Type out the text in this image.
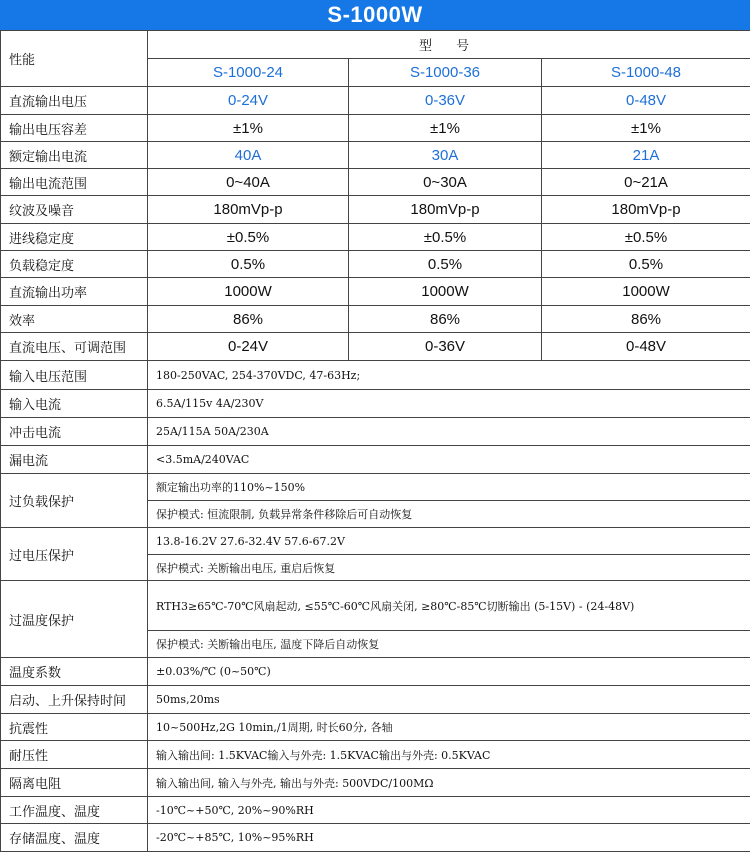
S-1000W
性能	型 号		
	S-1000-24	S-1000-36	S-1000-48
直流输出电压	0-24V	0-36V	0-48V
输出电压容差	±1%	±1%	±1%
额定输出电流	40A	30A	21A
输出电流范围	0~40A	0~30A	0~21A
纹波及噪音	180mVp-p	180mVp-p	180mVp-p
进线稳定度	±0.5%	±0.5%	±0.5%
负载稳定度	0.5%	0.5%	0.5%
直流输出功率	1000W	1000W	1000W
效率	86%	86%	86%
直流电压、可调范围	0-24V	0-36V	0-48V
输入电压范围	180-250VAC, 254-370VDC, 47-63Hz;		
输入电流	6.5A/115v 4A/230V		
冲击电流	25A/115A 50A/230A		
漏电流	<3.5mA/240VAC		
过负载保护	额定输出功率的110%~150%		
	保护模式: 恒流限制, 负载异常条件移除后可自动恢复		
过电压保护	13.8-16.2V 27.6-32.4V 57.6-67.2V		
	保护模式: 关断输出电压, 重启后恢复		
过温度保护	RTH3≥65℃-70℃风扇起动, ≤55℃-60℃风扇关闭, ≥80℃-85℃切断输出 (5-15V) - (24-48V)		
	保护模式: 关断输出电压, 温度下降后自动恢复		
温度系数	±0.03%/℃ (0~50℃)		
启动、上升保持时间	50ms,20ms		
抗震性	10~500Hz,2G 10min,/1周期, 时长60分, 各轴		
耐压性	输入输出间: 1.5KVAC输入与外壳: 1.5KVAC输出与外壳: 0.5KVAC		
隔离电阻	输入输出间, 输入与外壳, 输出与外壳: 500VDC/100MΩ		
工作温度、温度	-10℃~+50℃, 20%~90%RH		
存储温度、温度	-20℃~+85℃, 10%~95%RH		
